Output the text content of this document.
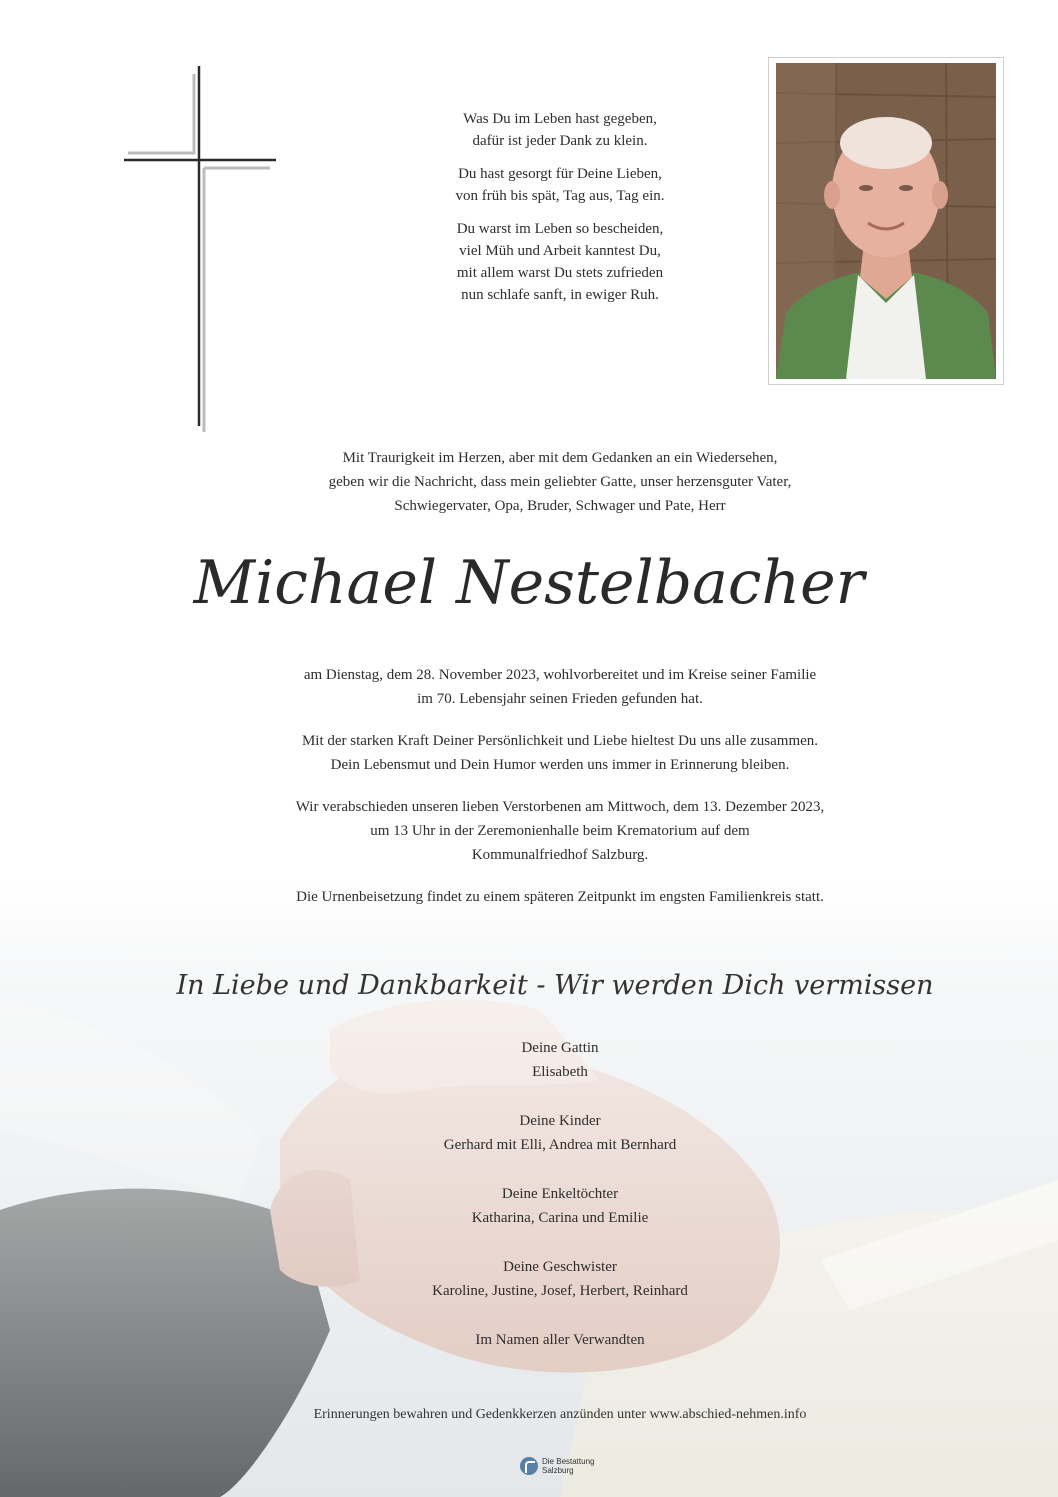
Was Du im Leben hast gegeben,
dafür ist jeder Dank zu klein.
Du hast gesorgt für Deine Lieben,
von früh bis spät, Tag aus, Tag ein.
Du warst im Leben so bescheiden,
viel Müh und Arbeit kanntest Du,
mit allem warst Du stets zufrieden
nun schlafe sanft, in ewiger Ruh.
Mit Traurigkeit im Herzen, aber mit dem Gedanken an ein Wiedersehen,
geben wir die Nachricht, dass mein geliebter Gatte, unser herzensguter Vater,
Schwiegervater, Opa, Bruder, Schwager und Pate, Herr
Michael Nestelbacher
am Dienstag, dem 28. November 2023, wohlvorbereitet und im Kreise seiner Familie
im 70. Lebensjahr seinen Frieden gefunden hat.
Mit der starken Kraft Deiner Persönlichkeit und Liebe hieltest Du uns alle zusammen.
Dein Lebensmut und Dein Humor werden uns immer in Erinnerung bleiben.
Wir verabschieden unseren lieben Verstorbenen am Mittwoch, dem 13. Dezember 2023,
um 13 Uhr in der Zeremonienhalle beim Krematorium auf dem
Kommunalfriedhof Salzburg.
Die Urnenbeisetzung findet zu einem späteren Zeitpunkt im engsten Familienkreis statt.
In Liebe und Dankbarkeit - Wir werden Dich vermissen
Deine Gattin
Elisabeth
Deine Kinder
Gerhard mit Elli, Andrea mit Bernhard
Deine Enkeltöchter
Katharina, Carina und Emilie
Deine Geschwister
Karoline, Justine, Josef, Herbert, Reinhard
Im Namen aller Verwandten
Erinnerungen bewahren und Gedenkkerzen anzünden unter www.abschied-nehmen.info
Die Bestattung
Salzburg
